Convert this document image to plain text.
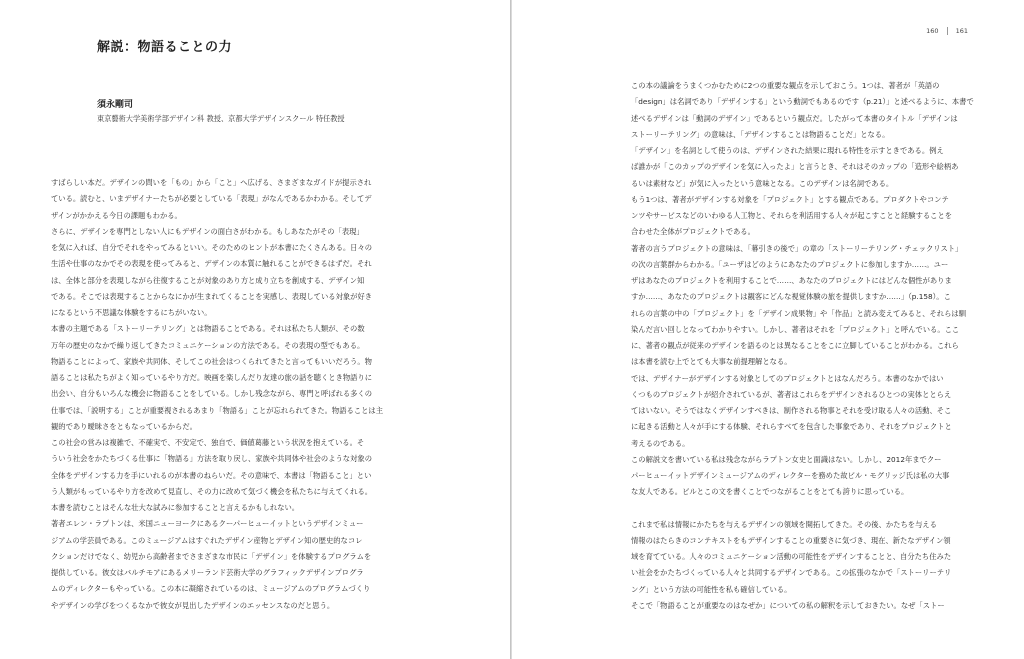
解説：物語ることの力

須永剛司

東京藝術大学美術学部デザイン科 教授、京都大学デザインスクール 特任教授

すばらしい本だ。デザインの問いを「もの」から「こと」へ広げる、さまざまなガイドが提示され
ている。読むと、いまデザイナーたちが必要としている「表現」がなんであるかわかる。そしてデ
ザインがかかえる今日の課題もわかる。
さらに、デザインを専門としない人にもデザインの面白さがわかる。もしあなたがその「表現」
を気に入れば、自分でそれをやってみるといい。そのためのヒントが本書にたくさんある。日々の
生活や仕事のなかでその表現を使ってみると、デザインの本質に触れることができるはずだ。それ
は、全体と部分を表現しながら往復することが対象のあり方と成り立ちを創成する、デザイン知
である。そこでは表現することからなにかが生まれてくることを実感し、表現している対象が好き
になるという不思議な体験をするにちがいない。
本書の主題である「ストーリーテリング」とは物語ることである。それは私たち人類が、その数
万年の歴史のなかで繰り返してきたコミュニケーションの方法である。その表現の型でもある。
物語ることによって、家族や共同体、そしてこの社会はつくられてきたと言ってもいいだろう。物
語ることは私たちがよく知っているやり方だ。映画を楽しんだり友達の旅の話を聴くとき物語りに
出会い、自分もいろんな機会に物語ることをしている。しかし残念ながら、専門と呼ばれる多くの
仕事では、「説明する」ことが重要視されるあまり「物語る」ことが忘れられてきた。物語ることは主
観的であり曖昧さをともなっているからだ。
この社会の営みは複雑で、不確実で、不安定で、独自で、価値葛藤という状況を抱えている。そ
ういう社会をかたちづくる仕事に「物語る」方法を取り戻し、家族や共同体や社会のような対象の
全体をデザインする力を手にいれるのが本書のねらいだ。その意味で、本書は「物語ること」とい
う人類がもっているやり方を改めて見直し、その力に改めて気づく機会を私たちに与えてくれる。
本書を読むことはそんな壮大な試みに参加することと言えるかもしれない。
著者エレン・ラプトンは、米国ニューヨークにあるクーパーヒューイットというデザインミュー
ジアムの学芸員である。このミュージアムはすぐれたデザイン産物とデザイン知の歴史的なコレ
クションだけでなく、幼児から高齢者までさまざまな市民に「デザイン」を体験するプログラムを
提供している。彼女はバルチモアにあるメリーランド芸術大学のグラフィックデザインプログラ
ムのディレクターもやっている。この本に凝縮されているのは、ミュージアムのプログラムづくり
やデザインの学びをつくるなかで彼女が見出したデザインのエッセンスなのだと思う。
160	161
この本の議論をうまくつかむために2つの重要な観点を示しておこう。1つは、著者が「英語の
「design」は名詞であり「デザインする」という動詞でもあるのです（p.21）」と述べるように、本書で
述べるデザインは「動詞のデザイン」であるという観点だ。したがって本書のタイトル「デザインは
ストーリーテリング」の意味は、「デザインすることは物語ることだ」となる。
「デザイン」を名詞として使うのは、デザインされた結果に現れる特性を示すときである。例え
ば誰かが「このカップのデザインを気に入ったよ」と言うとき、それはそのカップの「造形や絵柄あ
るいは素材など」が気に入ったという意味となる。このデザインは名詞である。
もう1つは、著者がデザインする対象を「プロジェクト」とする観点である。プロダクトやコンテ
ンツやサービスなどのいわゆる人工物と、それらを利活用する人々が起こすことと経験することを
合わせた全体がプロジェクトである。
著者の言うプロジェクトの意味は、「幕引きの後で」の章の「ストーリーテリング・チェックリスト」
の次の言葉群からわかる。「ユーザはどのようにあなたのプロジェクトに参加しますか……。ユー
ザはあなたのプロジェクトを利用することで……、あなたのプロジェクトにはどんな個性がありま
すか……、あなたのプロジェクトは観客にどんな視覚体験の旅を提供しますか……」（p.158）。こ
れらの言葉の中の「プロジェクト」を「デザイン成果物」や「作品」と読み変えてみると、それらは馴
染んだ言い回しとなってわかりやすい。しかし、著者はそれを「プロジェクト」と呼んでいる。ここ
に、著者の観点が従来のデザインを語るのとは異なることをこに立脚していることがわかる。これら
は本書を読む上でとても大事な前提理解となる。
では、デザイナーがデザインする対象としてのプロジェクトとはなんだろう。本書のなかではい
くつものプロジェクトが紹介されているが、著者はこれらをデザインされるひとつの実体ととらえ
てはいない。そうではなくデザインすべきは、制作される物事とそれを受け取る人々の活動、そこ
に起きる活動と人々が手にする体験、それらすべてを包含した事象であり、それをプロジェクトと
考えるのである。
この解説文を書いている私は残念ながらラプトン女史と面識はない。しかし、2012年までクー
パーヒューイットデザインミュージアムのディレクターを務めた故ビル・モグリッジ氏は私の大事
な友人である。ビルとこの文を書くことでつながることをとても誇りに思っている。
これまで私は情報にかたちを与えるデザインの領域を開拓してきた。その後、かたちを与える
情報のはたらきのコンテキストをもデザインすることの重要さに気づき、現在、新たなデザイン領
域を育てている。人々のコミュニケーション活動の可能性をデザインすることと、自分たち住みた
い社会をかたちづくっている人々と共同するデザインである。この拡張のなかで「ストーリーテリ
ング」という方法の可能性を私も確信している。
そこで「物語ることが重要なのはなぜか」についての私の解釈を示しておきたい。なぜ「ストー
